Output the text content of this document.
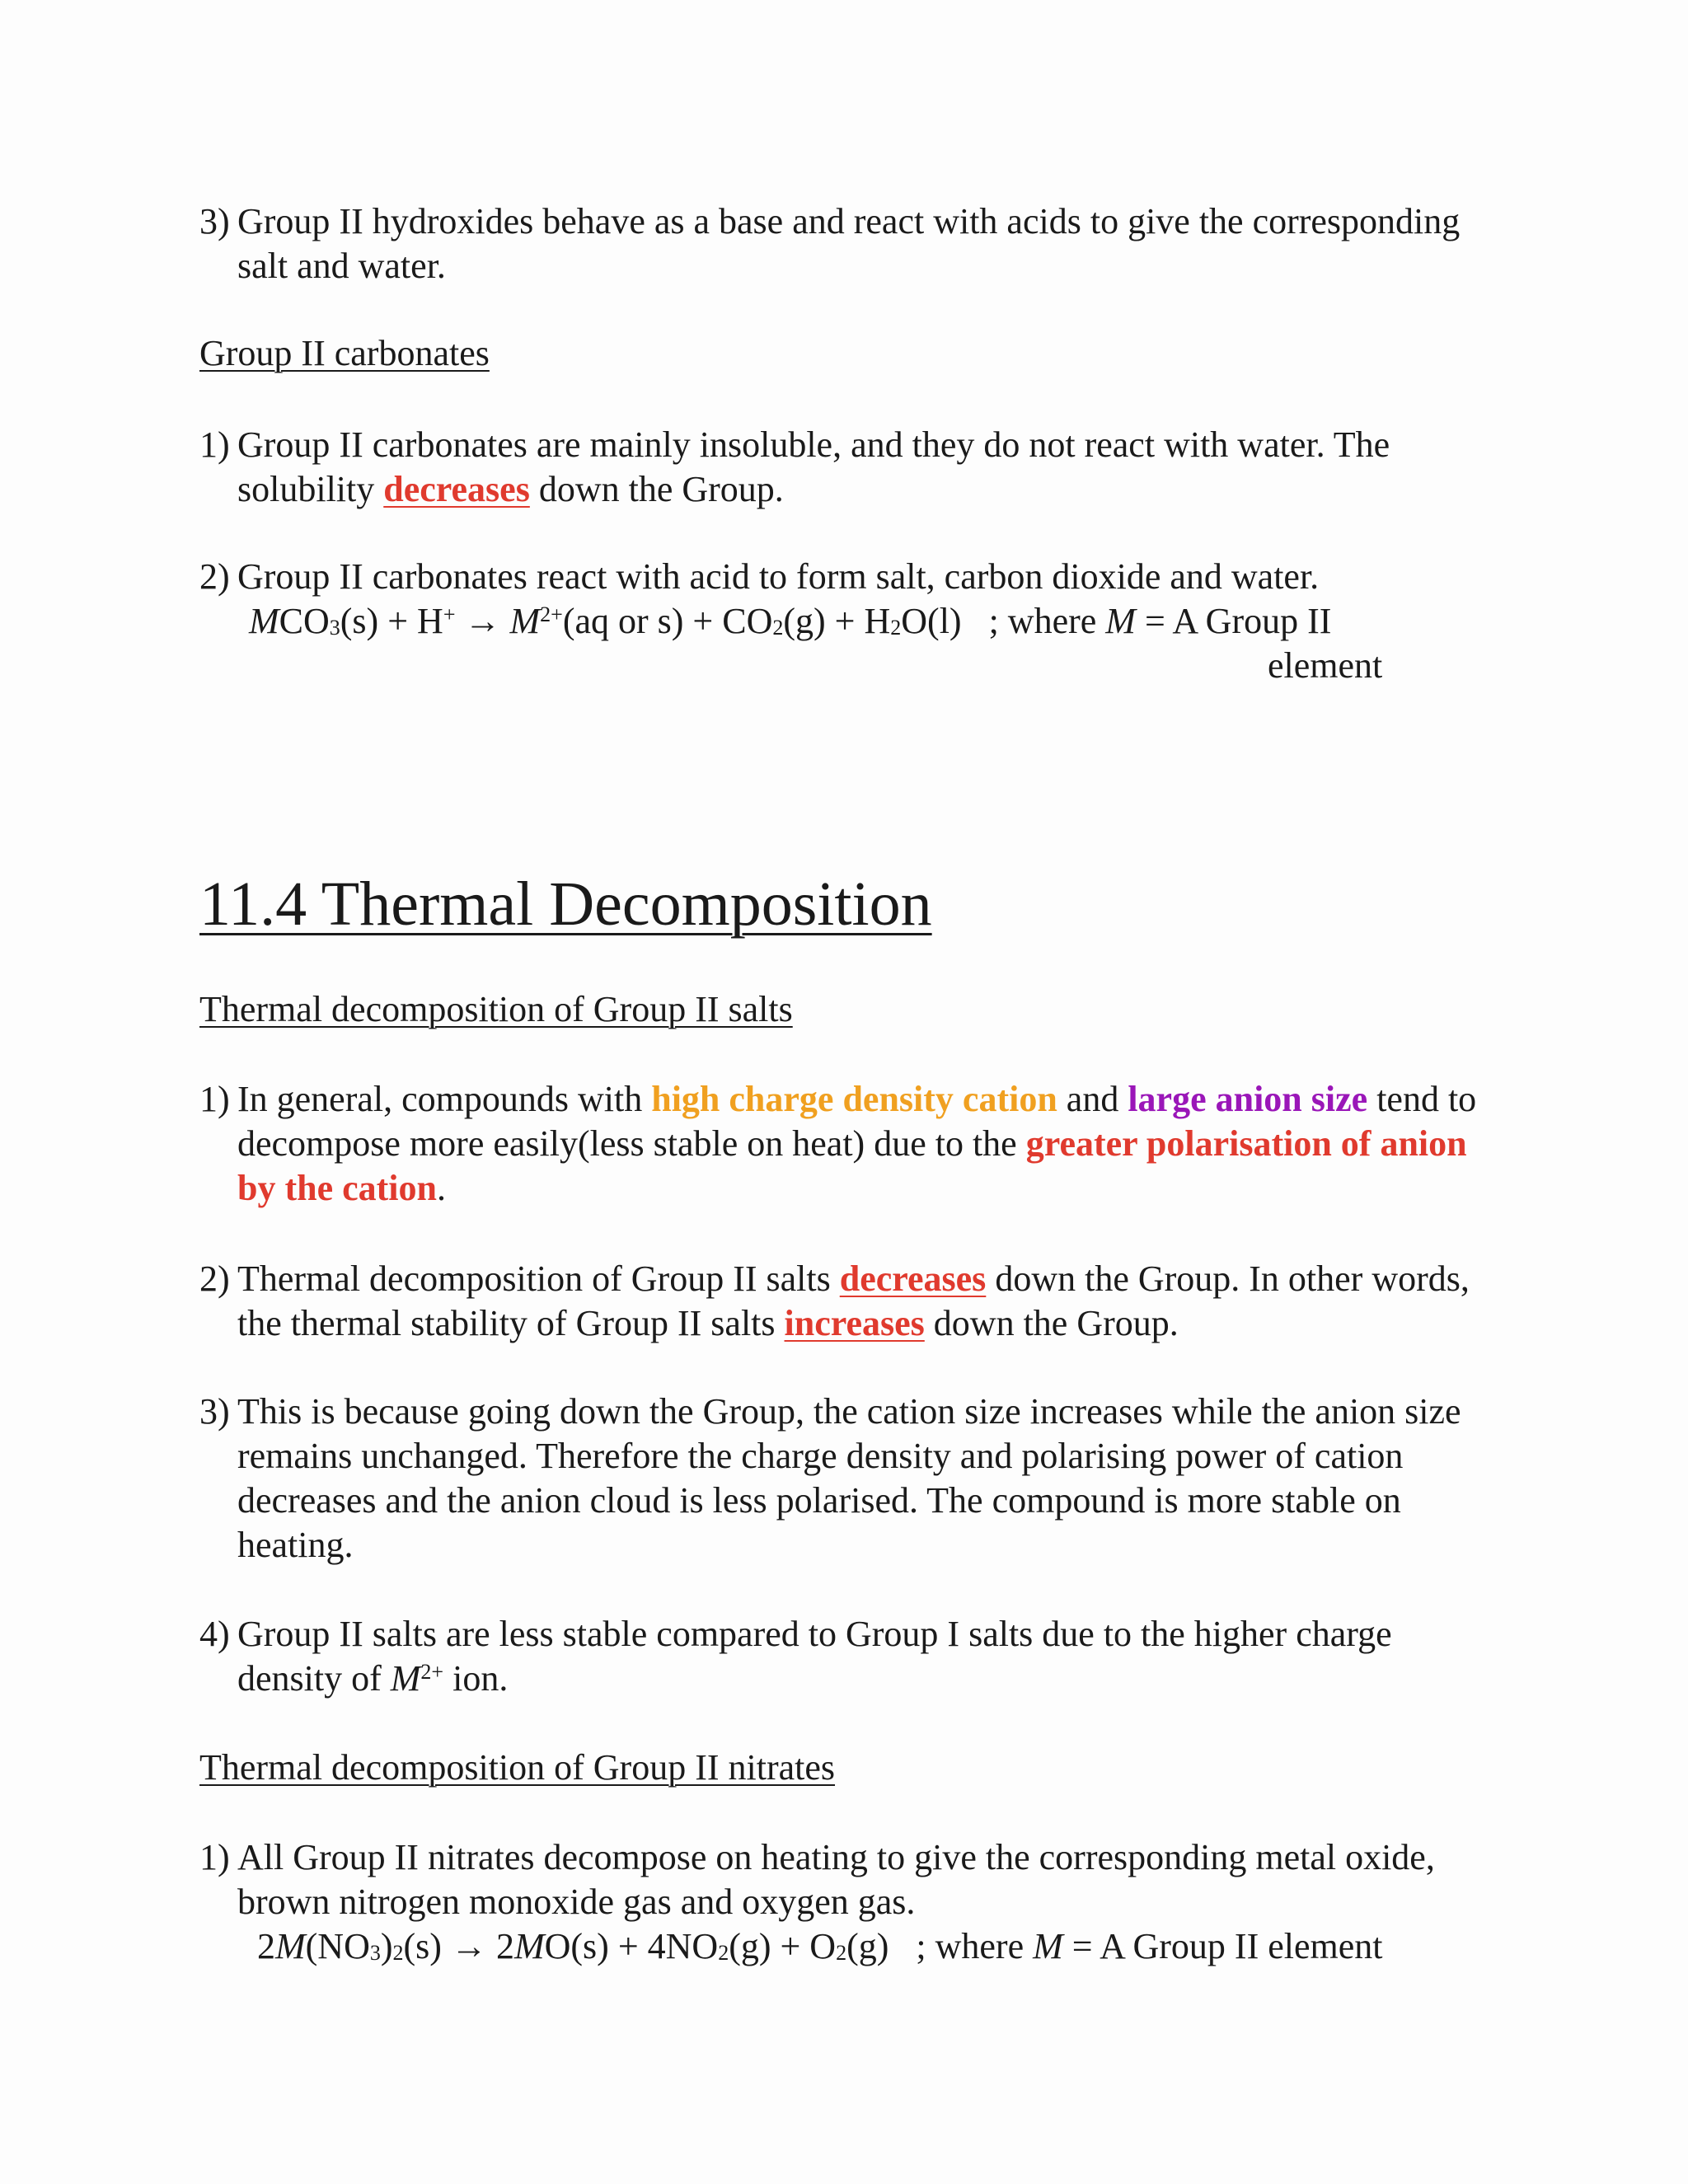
3) Group II hydroxides behave as a base and react with acids to give the corresponding salt and water.
Group II carbonates
1) Group II carbonates are mainly insoluble, and they do not react with water. The solubility decreases down the Group.
2) Group II carbonates react with acid to form salt, carbon dioxide and water.
$MCO_3(s) + H^+ \to M^{2+}(aq$ or $s) + CO_2(g) + H_2O(l)$   ; where M = A Group II
element
11.4 Thermal Decomposition
Thermal decomposition of Group II salts
1) In general, compounds with high charge density cation and large anion size tend to decompose more easily(less stable on heat) due to the greater polarisation of anion by the cation.
2) Thermal decomposition of Group II salts decreases down the Group. In other words, the thermal stability of Group II salts increases down the Group.
3) This is because going down the Group, the cation size increases while the anion size remains unchanged. Therefore the charge density and polarising power of cation decreases and the anion cloud is less polarised. The compound is more stable on heating.
4) Group II salts are less stable compared to Group I salts due to the higher charge density of $M^{2+}$ ion.
Thermal decomposition of Group II nitrates
1) All Group II nitrates decompose on heating to give the corresponding metal oxide, brown nitrogen monoxide gas and oxygen gas.
$2M(NO_3)_2(s) \to 2MO(s) + 4NO_2(g) + O_2(g)$   ; where M = A Group II element
